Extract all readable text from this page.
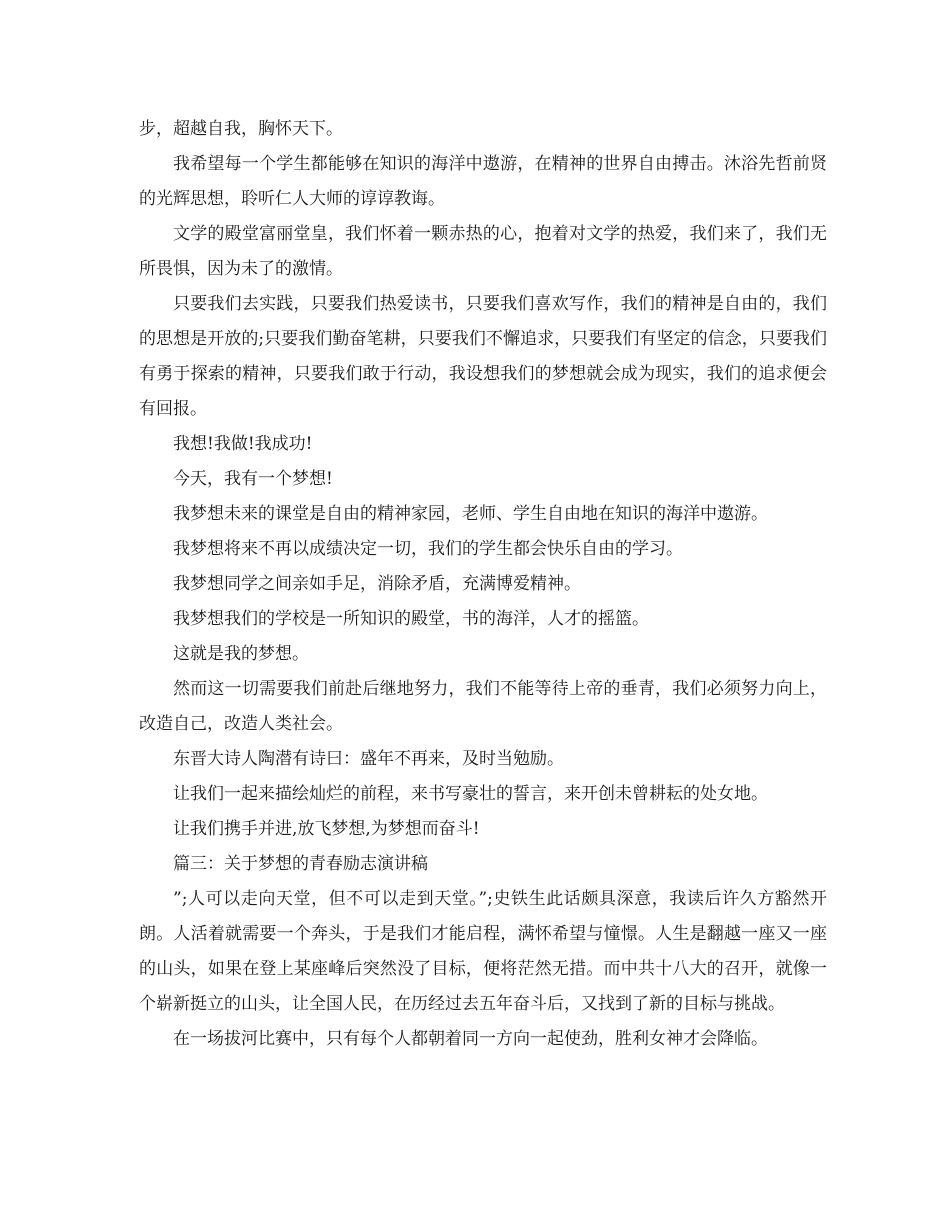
步，超越自我，胸怀天下。

我希望每一个学生都能够在知识的海洋中遨游，在精神的世界自由搏击。沐浴先哲前贤的光辉思想，聆听仁人大师的谆谆教诲。

文学的殿堂富丽堂皇，我们怀着一颗赤热的心，抱着对文学的热爱，我们来了，我们无所畏惧，因为未了的激情。

只要我们去实践，只要我们热爱读书，只要我们喜欢写作，我们的精神是自由的，我们的思想是开放的;只要我们勤奋笔耕，只要我们不懈追求，只要我们有坚定的信念，只要我们有勇于探索的精神，只要我们敢于行动，我设想我们的梦想就会成为现实，我们的追求便会有回报。

我想!我做!我成功!

今天，我有一个梦想!

我梦想未来的课堂是自由的精神家园，老师、学生自由地在知识的海洋中遨游。

我梦想将来不再以成绩决定一切，我们的学生都会快乐自由的学习。

我梦想同学之间亲如手足，消除矛盾，充满博爱精神。

我梦想我们的学校是一所知识的殿堂，书的海洋，人才的摇篮。

这就是我的梦想。

然而这一切需要我们前赴后继地努力，我们不能等待上帝的垂青，我们必须努力向上，改造自己，改造人类社会。

东晋大诗人陶潜有诗曰：盛年不再来，及时当勉励。

让我们一起来描绘灿烂的前程，来书写豪壮的誓言，来开创未曾耕耘的处女地。

让我们携手并进,放飞梦想,为梦想而奋斗!

篇三：关于梦想的青春励志演讲稿

”;人可以走向天堂，但不可以走到天堂。”;史铁生此话颇具深意，我读后许久方豁然开朗。人活着就需要一个奔头，于是我们才能启程，满怀希望与憧憬。人生是翻越一座又一座的山头，如果在登上某座峰后突然没了目标，便将茫然无措。而中共十八大的召开，就像一个崭新挺立的山头，让全国人民，在历经过去五年奋斗后，又找到了新的目标与挑战。

在一场拔河比赛中，只有每个人都朝着同一方向一起使劲，胜利女神才会降临。
